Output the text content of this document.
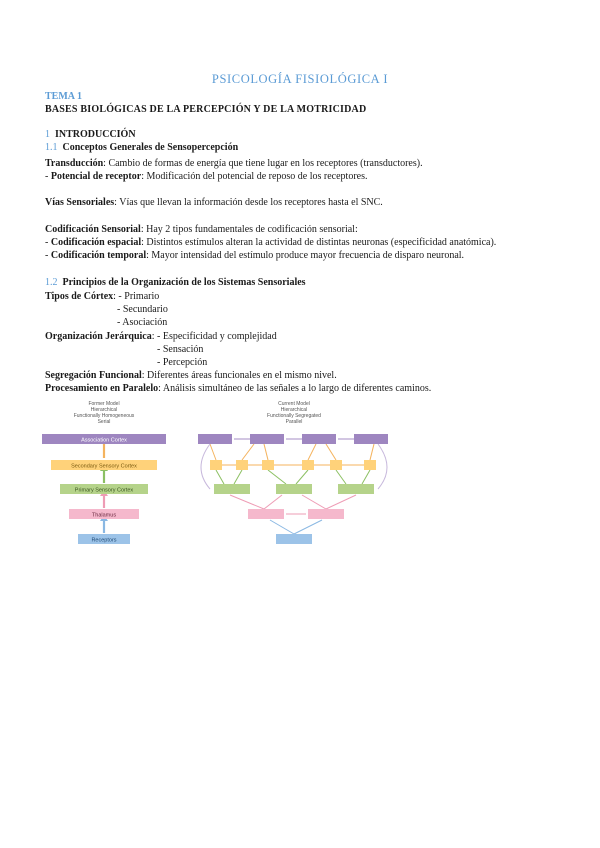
PSICOLOGÍA FISIOLÓGICA I
TEMA 1
BASES BIOLÓGICAS DE LA PERCEPCIÓN Y DE LA MOTRICIDAD
1 INTRODUCCIÓN
1.1 Conceptos Generales de Sensopercepción
Transducción: Cambio de formas de energía que tiene lugar en los receptores (transductores).
- Potencial de receptor: Modificación del potencial de reposo de los receptores.
Vías Sensoriales: Vías que llevan la información desde los receptores hasta el SNC.
Codificación Sensorial: Hay 2 tipos fundamentales de codificación sensorial:
- Codificación espacial: Distintos estímulos alteran la actividad de distintas neuronas (especificidad anatómica).
- Codificación temporal: Mayor intensidad del estímulo produce mayor frecuencia de disparo neuronal.
1.2 Principios de la Organización de los Sistemas Sensoriales
Tipos de Córtex: - Primario
- Secundario
- Asociación
Organización Jerárquica: - Especificidad y complejidad
- Sensación
- Percepción
Segregación Funcional: Diferentes áreas funcionales en el mismo nivel.
Procesamiento en Paralelo: Análisis simultáneo de las señales a lo largo de diferentes caminos.
Former Model
Hierarchical
Functionally Homogeneous
Serial
Association Cortex
Secondary Sensory Cortex
Primary Sensory Cortex
Thalamus
Receptors
Current Model
Hierarchical
Functionally Segregated
Parallel
